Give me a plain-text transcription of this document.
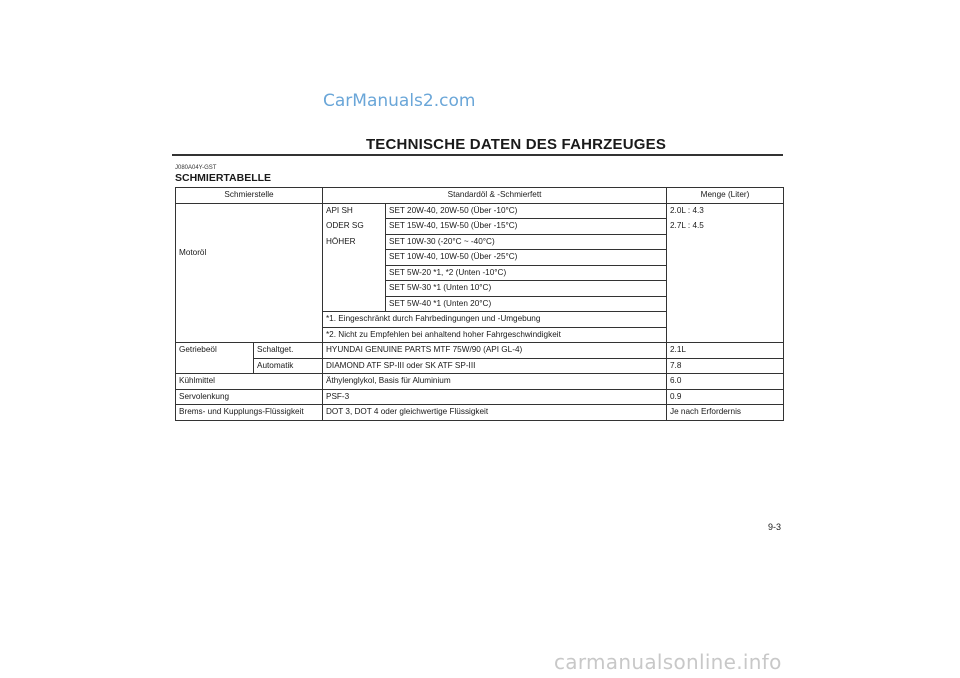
CarManuals2.com
TECHNISCHE DATEN DES FAHRZEUGES
J080A04Y-GST
SCHMIERTABELLE
Schmierstelle		Standardöl & -Schmierfett		Menge (Liter)
Motoröl		API SH	SET 20W-40, 20W-50 (Über -10°C)	2.0L : 4.3
		ODER SG	SET 15W-40, 15W-50 (Über -15°C)	2.7L : 4.5
		HÖHER	SET 10W-30 (-20°C ~ -40°C)	
			SET 10W-40, 10W-50 (Über -25°C)	
			SET 5W-20 *1, *2 (Unten -10°C)	
			SET 5W-30 *1 (Unten 10°C)	
			SET 5W-40 *1 (Unten 20°C)	
		*1. Eingeschränkt durch Fahrbedingungen und -Umgebung		
		*2. Nicht zu Empfehlen bei anhaltend hoher Fahrgeschwindigkeit		
Getriebeöl	Schaltget.	HYUNDAI GENUINE PARTS MTF 75W/90 (API GL-4)		2.1L
	Automatik	DIAMOND ATF SP-III oder SK ATF SP-III		7.8
Kühlmittel		Äthylenglykol, Basis für Aluminium		6.0
Servolenkung		PSF-3		0.9
Brems- und Kupplungs-Flüssigkeit		DOT 3, DOT 4 oder gleichwertige Flüssigkeit		Je nach Erfordernis
9-3
carmanualsonline.info
